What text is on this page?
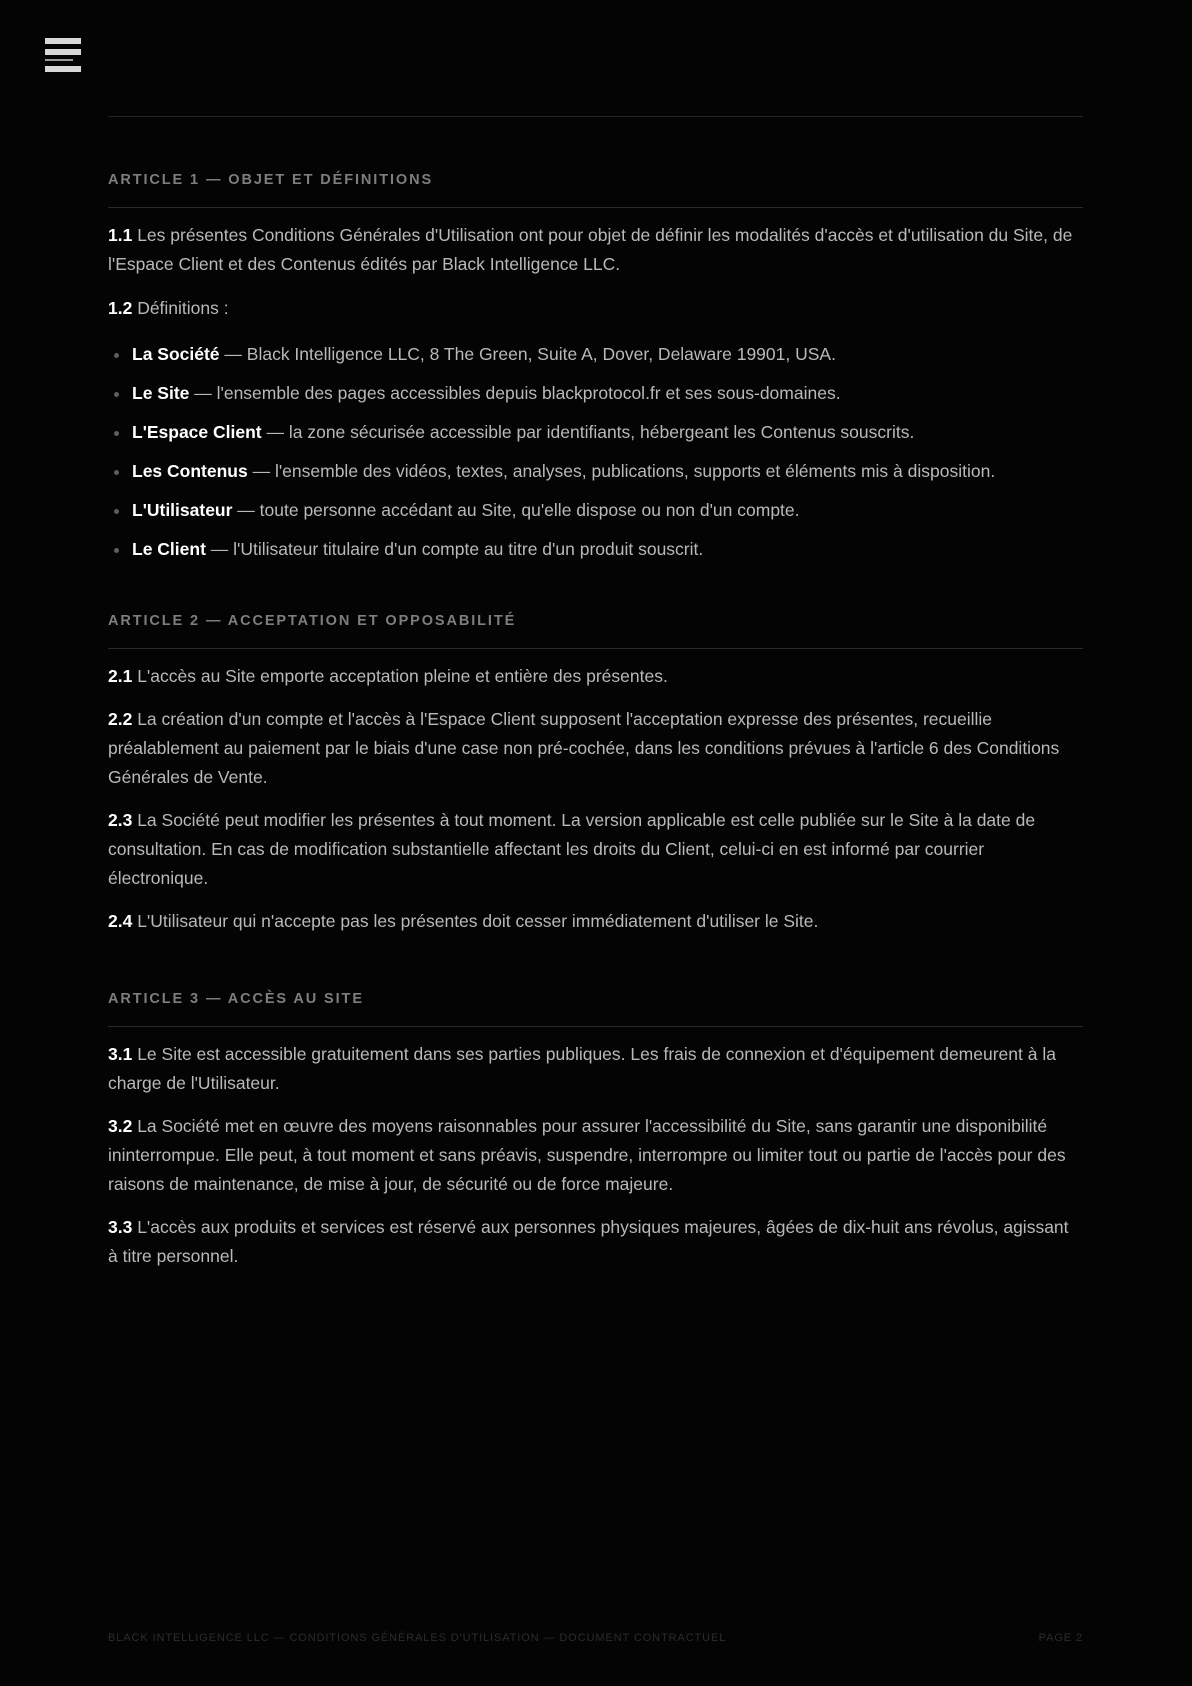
ARTICLE 1 — OBJET ET DÉFINITIONS

1.1 Les présentes Conditions Générales d'Utilisation ont pour objet de définir les modalités d'accès et d'utilisation du Site, de l'Espace Client et des Contenus édités par Black Intelligence LLC.

1.2 Définitions :

La Société — Black Intelligence LLC, 8 The Green, Suite A, Dover, Delaware 19901, USA.
Le Site — l'ensemble des pages accessibles depuis blackprotocol.fr et ses sous-domaines.
L'Espace Client — la zone sécurisée accessible par identifiants, hébergeant les Contenus souscrits.
Les Contenus — l'ensemble des vidéos, textes, analyses, publications, supports et éléments mis à disposition.
L'Utilisateur — toute personne accédant au Site, qu'elle dispose ou non d'un compte.
Le Client — l'Utilisateur titulaire d'un compte au titre d'un produit souscrit.
ARTICLE 2 — ACCEPTATION ET OPPOSABILITÉ

2.1 L'accès au Site emporte acceptation pleine et entière des présentes.

2.2 La création d'un compte et l'accès à l'Espace Client supposent l'acceptation expresse des présentes, recueillie préalablement au paiement par le biais d'une case non pré-cochée, dans les conditions prévues à l'article 6 des Conditions Générales de Vente.

2.3 La Société peut modifier les présentes à tout moment. La version applicable est celle publiée sur le Site à la date de consultation. En cas de modification substantielle affectant les droits du Client, celui-ci en est informé par courrier électronique.

2.4 L'Utilisateur qui n'accepte pas les présentes doit cesser immédiatement d'utiliser le Site.

ARTICLE 3 — ACCÈS AU SITE

3.1 Le Site est accessible gratuitement dans ses parties publiques. Les frais de connexion et d'équipement demeurent à la charge de l'Utilisateur.

3.2 La Société met en œuvre des moyens raisonnables pour assurer l'accessibilité du Site, sans garantir une disponibilité ininterrompue. Elle peut, à tout moment et sans préavis, suspendre, interrompre ou limiter tout ou partie de l'accès pour des raisons de maintenance, de mise à jour, de sécurité ou de force majeure.

3.3 L'accès aux produits et services est réservé aux personnes physiques majeures, âgées de dix-huit ans révolus, agissant à titre personnel.

BLACK INTELLIGENCE LLC — CONDITIONS GÉNÉRALES D'UTILISATION — DOCUMENT CONTRACTUEL	PAGE 2
